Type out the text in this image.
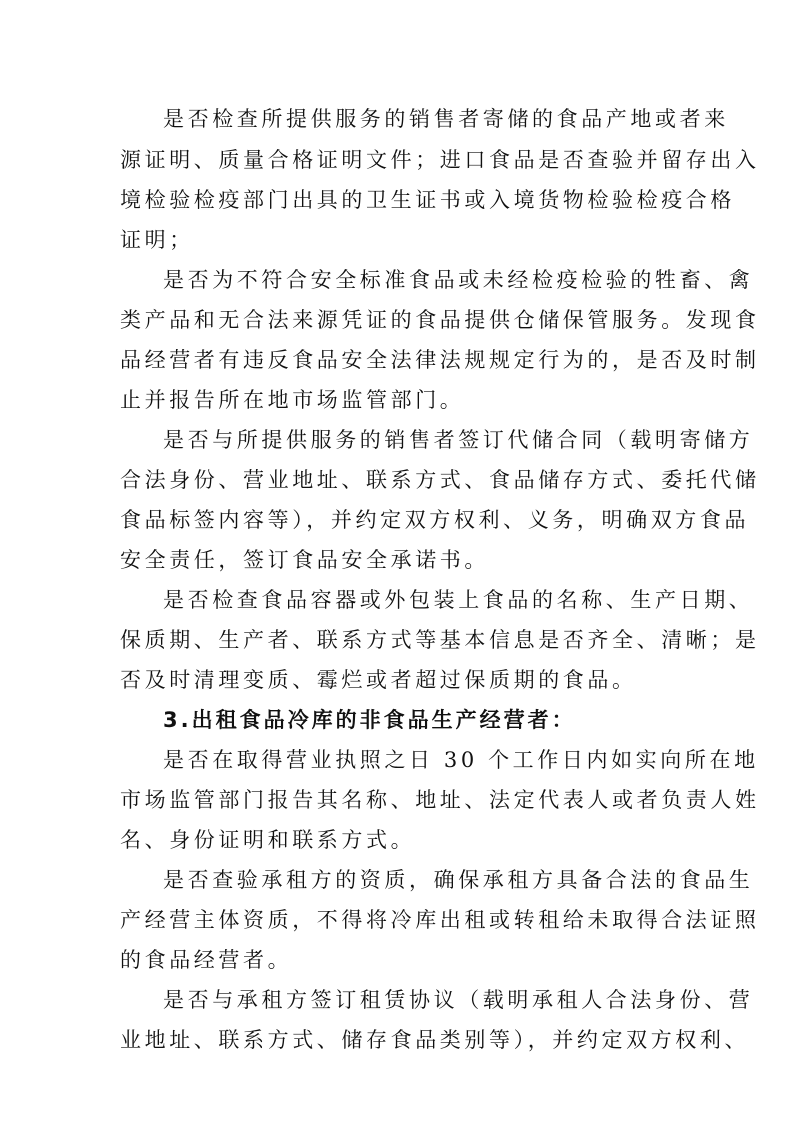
是否检查所提供服务的销售者寄储的食品产地或者来
源证明、质量合格证明文件；进口食品是否查验并留存出入
境检验检疫部门出具的卫生证书或入境货物检验检疫合格
证明；
是否为不符合安全标准食品或未经检疫检验的牲畜、禽
类产品和无合法来源凭证的食品提供仓储保管服务。发现食
品经营者有违反食品安全法律法规规定行为的，是否及时制
止并报告所在地市场监管部门。
是否与所提供服务的销售者签订代储合同（载明寄储方
合法身份、营业地址、联系方式、食品储存方式、委托代储
食品标签内容等），并约定双方权利、义务，明确双方食品
安全责任，签订食品安全承诺书。
是否检查食品容器或外包装上食品的名称、生产日期、
保质期、生产者、联系方式等基本信息是否齐全、清晰；是
否及时清理变质、霉烂或者超过保质期的食品。
3.出租食品冷库的非食品生产经营者：
是否在取得营业执照之日 30 个工作日内如实向所在地
市场监管部门报告其名称、地址、法定代表人或者负责人姓
名、身份证明和联系方式。
是否查验承租方的资质，确保承租方具备合法的食品生
产经营主体资质，不得将冷库出租或转租给未取得合法证照
的食品经营者。
是否与承租方签订租赁协议（载明承租人合法身份、营
业地址、联系方式、储存食品类别等），并约定双方权利、
